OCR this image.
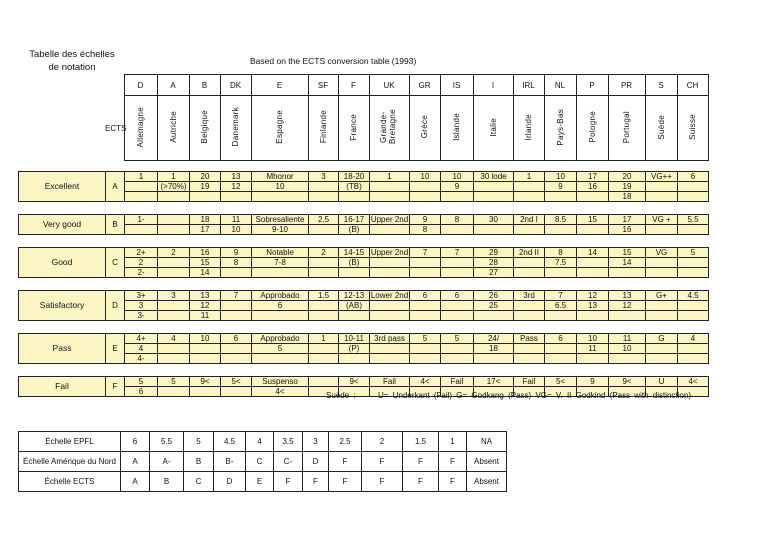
Tabelle des échelles
de notation
Based on the ECTS conversion table (1993)
		D	A	B	DK	E	SF	F	UK	GR	IS	I	IRL	NL	P	PR	S	CH
	ECTS	Allemagne	Autriche	Belgique	Danemark	Espagne	Finlande	France	Grande-Bretagne	Grèce	Islande	Italie	Irlande	Pays-Bas	Pologne	Portugal	Suède	Suisse
Excellent	A	1	1	20	13	Mhonor	3	18-20	1	10	10	30 lode	1	10	17	20	VG++	6
			(>70%)	19	12	10		(TB)			9			9	16	19		
																18		
Very good	B	1-		18	11	Sobresaliente	2.5	16-17	Upper 2nd	9	8	30	2nd I	8.5	15	17	VG +	5.5
				17	10	9-10		(B)		8						16		
Good	C	2+	2	16	9	Notable	2	14-15	Upper 2nd	7	7	29	2nd II	8	14	15	VG	5
		2		15	8	7-8		(B)				28		7.5		14		
		2-		14								27						
Satisfactory	D	3+	3	13	7	Approbado	1.5	12-13	Lower 2nd	6	6	26	3rd	7	12	13	G+	4.5
		3		12		6		(AB)				25		6.5	13	12		
		3-		11														
Pass	E	4+	4	10	6	Approbado	1	10-11	3rd pass	5	5	24/	Pass	6	10	11	G	4
		4				5		(P)				18			11	10		
		4-																
Fail	F	5	5	9<	5<	Suspenso		9<	Fail	4<	Fail	17<	Fail	5<	9	9<	U	4<
		6				4<													Suède :	U= Underkant (Fail) G= Godkang (Pass) VG= V. II Godkind (Pass with distinction)
Échelle EPFL	6	5.5	5	4.5	4	3.5	3	2.5	2	1.5	1	NA
Échelle Amérique du Nord	A	A-	B	B-	C	C-	D	F	F	F	F	Absent
Échelle ECTS	A	B	C	D	E	F	F	F	F	F	F	Absent
